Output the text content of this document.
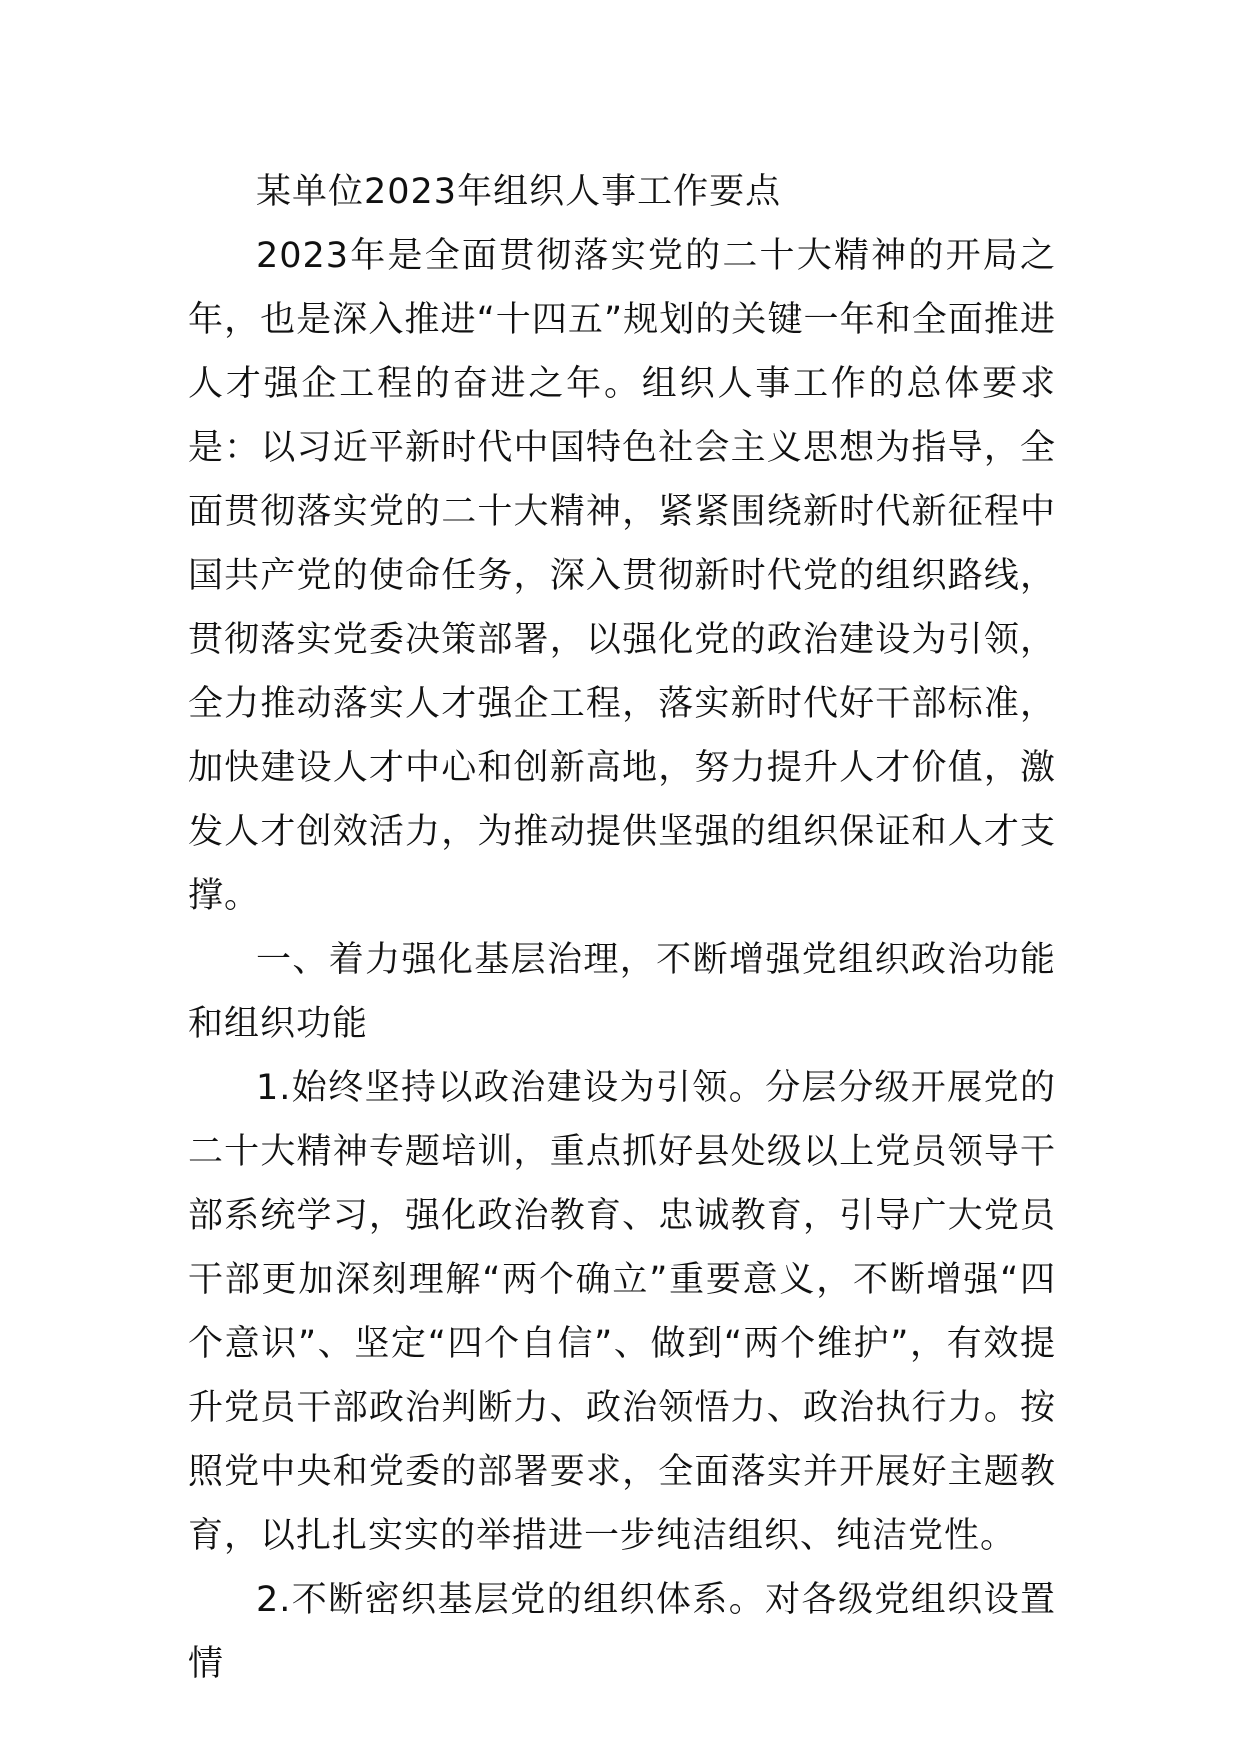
某单位2023年组织人事工作要点

2023年是全面贯彻落实党的二十大精神的开局之年，也是深入推进“十四五”规划的关键一年和全面推进人才强企工程的奋进之年。组织人事工作的总体要求是：以习近平新时代中国特色社会主义思想为指导，全面贯彻落实党的二十大精神，紧紧围绕新时代新征程中国共产党的使命任务，深入贯彻新时代党的组织路线，贯彻落实党委决策部署，以强化党的政治建设为引领，全力推动落实人才强企工程，落实新时代好干部标准，加快建设人才中心和创新高地，努力提升人才价值，激发人才创效活力，为推动提供坚强的组织保证和人才支撑。

一、着力强化基层治理，不断增强党组织政治功能和组织功能

1.始终坚持以政治建设为引领。分层分级开展党的二十大精神专题培训，重点抓好县处级以上党员领导干部系统学习，强化政治教育、忠诚教育，引导广大党员干部更加深刻理解“两个确立”重要意义，不断增强“四个意识”、坚定“四个自信”、做到“两个维护”，有效提升党员干部政治判断力、政治领悟力、政治执行力。按照党中央和党委的部署要求，全面落实并开展好主题教育，以扎扎实实的举措进一步纯洁组织、纯洁党性。

2.不断密织基层党的组织体系。对各级党组织设置情
